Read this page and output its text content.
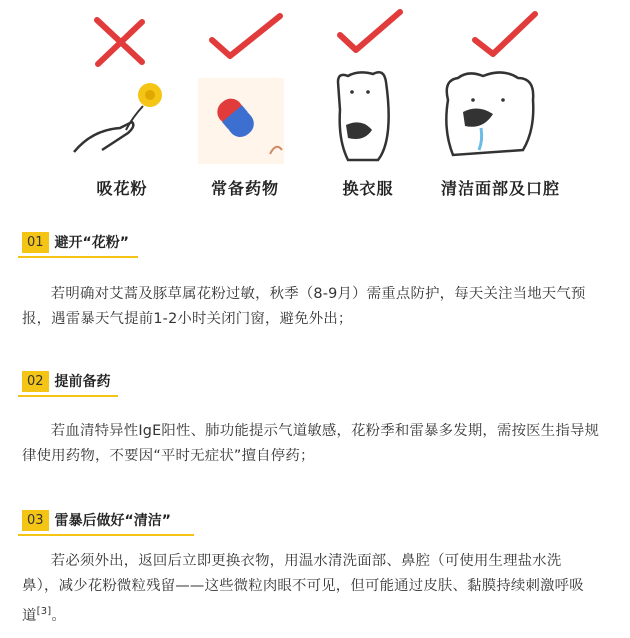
吸花粉	常备药物	换衣服	清洁面部及口腔
01 避开“花粉”
若明确对艾蒿及豚草属花粉过敏，秋季（8-9月）需重点防护，每天关注当地天气预
报，遇雷暴天气提前1-2小时关闭门窗，避免外出；
02 提前备药
若血清特异性IgE阳性、肺功能提示气道敏感，花粉季和雷暴多发期，需按医生指导规
律使用药物，不要因“平时无症状”擅自停药；
03 雷暴后做好“清洁”
若必须外出，返回后立即更换衣物，用温水清洗面部、鼻腔（可使用生理盐水洗
鼻），减少花粉微粒残留——这些微粒肉眼不可见，但可能通过皮肤、黏膜持续刺激呼吸
道[3]。
